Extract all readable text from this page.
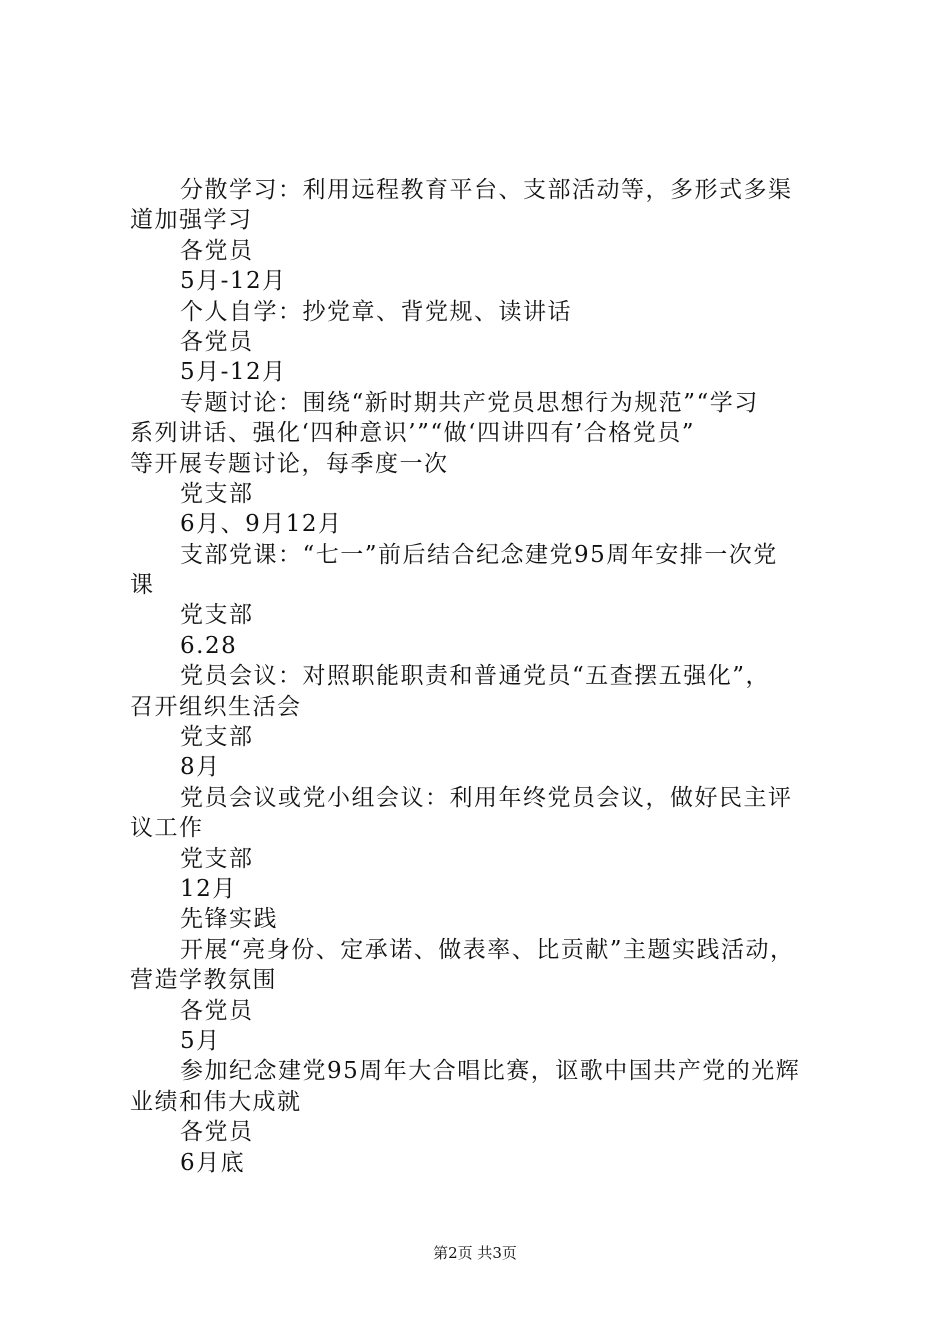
分散学习：利用远程教育平台、支部活动等，多形式多渠
道加强学习
各党员
5月-12月
个人自学：抄党章、背党规、读讲话
各党员
5月-12月
专题讨论：围绕“新时期共产党员思想行为规范”“学习
系列讲话、强化‘四种意识’”“做‘四讲四有’合格党员”
等开展专题讨论，每季度一次
党支部
6月、9月12月
支部党课：“七一”前后结合纪念建党95周年安排一次党
课
党支部
6.28
党员会议：对照职能职责和普通党员“五查摆五强化”，
召开组织生活会
党支部
8月
党员会议或党小组会议：利用年终党员会议，做好民主评
议工作
党支部
12月
先锋实践
开展“亮身份、定承诺、做表率、比贡献”主题实践活动，
营造学教氛围
各党员
5月
参加纪念建党95周年大合唱比赛，讴歌中国共产党的光辉
业绩和伟大成就
各党员
6月底
第2页 共3页
